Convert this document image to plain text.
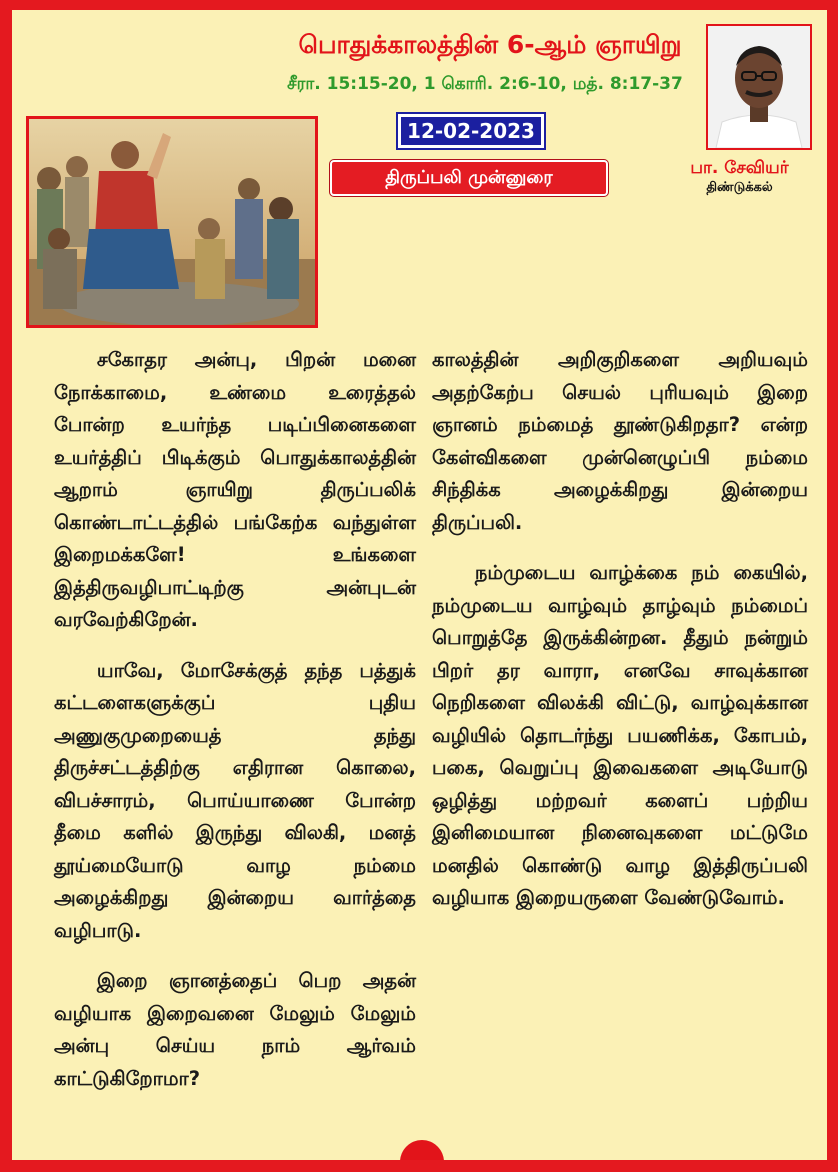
பொதுக்காலத்தின் 6-ஆம் ஞாயிறு
சீரா. 15:15-20, 1 கொரி. 2:6-10, மத். 8:17-37
12-02-2023
திருப்பலி முன்னுரை	பா. சேவியர்
திண்டுக்கல்

சகோதர அன்பு, பிறன் மனை நோக்காமை, உண்மை உரைத்தல் போன்ற உயர்ந்த படிப்பினைகளை உயர்த்திப் பிடிக்கும் பொதுக்காலத்தின் ஆறாம் ஞாயிறு திருப்பலிக் கொண்டாட்டத்தில் பங்கேற்க வந்துள்ள இறைமக்களே! உங்களை இத்திருவழிபாட்டிற்கு அன்புடன் வரவேற்கிறேன்.

யாவே, மோசேக்குத் தந்த பத்துக் கட்டளைகளுக்குப் புதிய அணுகுமுறையைத் தந்து திருச்சட்டத்திற்கு எதிரான கொலை, விபச்சாரம், பொய்யாணை போன்ற தீமை களில் இருந்து விலகி, மனத் தூய்மையோடு வாழ நம்மை அழைக்கிறது இன்றைய வார்த்தை வழிபாடு.

இறை ஞானத்தைப் பெற அதன் வழியாக இறைவனை மேலும் மேலும் அன்பு செய்ய நாம் ஆர்வம் காட்டுகிறோமா?

காலத்தின் அறிகுறிகளை அறியவும் அதற்கேற்ப செயல் புரியவும் இறை ஞானம் நம்மைத் தூண்டுகிறதா? என்ற கேள்விகளை முன்னெழுப்பி நம்மை சிந்திக்க அழைக்கிறது இன்றைய திருப்பலி.

நம்முடைய வாழ்க்கை நம் கையில், நம்முடைய வாழ்வும் தாழ்வும் நம்மைப் பொறுத்தே இருக்கின்றன. தீதும் நன்றும் பிறர் தர வாரா, எனவே சாவுக்கான நெறிகளை விலக்கி விட்டு, வாழ்வுக்கான வழியில் தொடர்ந்து பயணிக்க, கோபம், பகை, வெறுப்பு இவைகளை அடியோடு ஒழித்து மற்றவர் களைப் பற்றிய இனிமையான நினைவுகளை மட்டுமே மனதில் கொண்டு வாழ இத்திருப்பலி வழியாக இறையருளை வேண்டுவோம்.
